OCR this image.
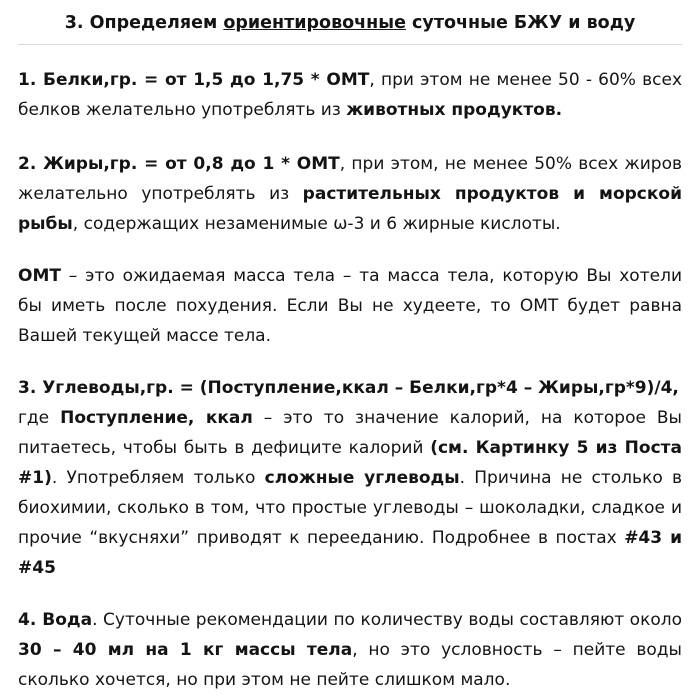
3. Определяем ориентировочные суточные БЖУ и воду

1. Белки,гр. = от 1,5 до 1,75 * ОМТ, при этом не менее 50 - 60% всех белков желательно употреблять из животных продуктов.

2. Жиры,гр. = от 0,8 до 1 * ОМТ, при этом, не менее 50% всех жиров желательно употреблять из растительных продуктов и морской рыбы, содержащих незаменимые ω-3 и 6 жирные кислоты.

ОМТ – это ожидаемая масса тела – та масса тела, которую Вы хотели бы иметь после похудения. Если Вы не худеете, то ОМТ будет равна Вашей текущей массе тела.

3. Углеводы,гр. = (Поступление,ккал – Белки,гр*4 – Жиры,гр*9)/4,
где Поступление, ккал – это то значение калорий, на которое Вы питаетесь, чтобы быть в дефиците калорий (см. Картинку 5 из Поста #1). Употребляем только сложные углеводы. Причина не столько в биохимии, сколько в том, что простые углеводы – шоколадки, сладкое и прочие “вкусняхи” приводят к переeданию. Подробнее в постах #43 и #45

4. Вода. Суточные рекомендации по количеству воды составляют около 30 – 40 мл на 1 кг массы тела, но это условность – пейте воды сколько хочется, но при этом не пейте слишком мало.
